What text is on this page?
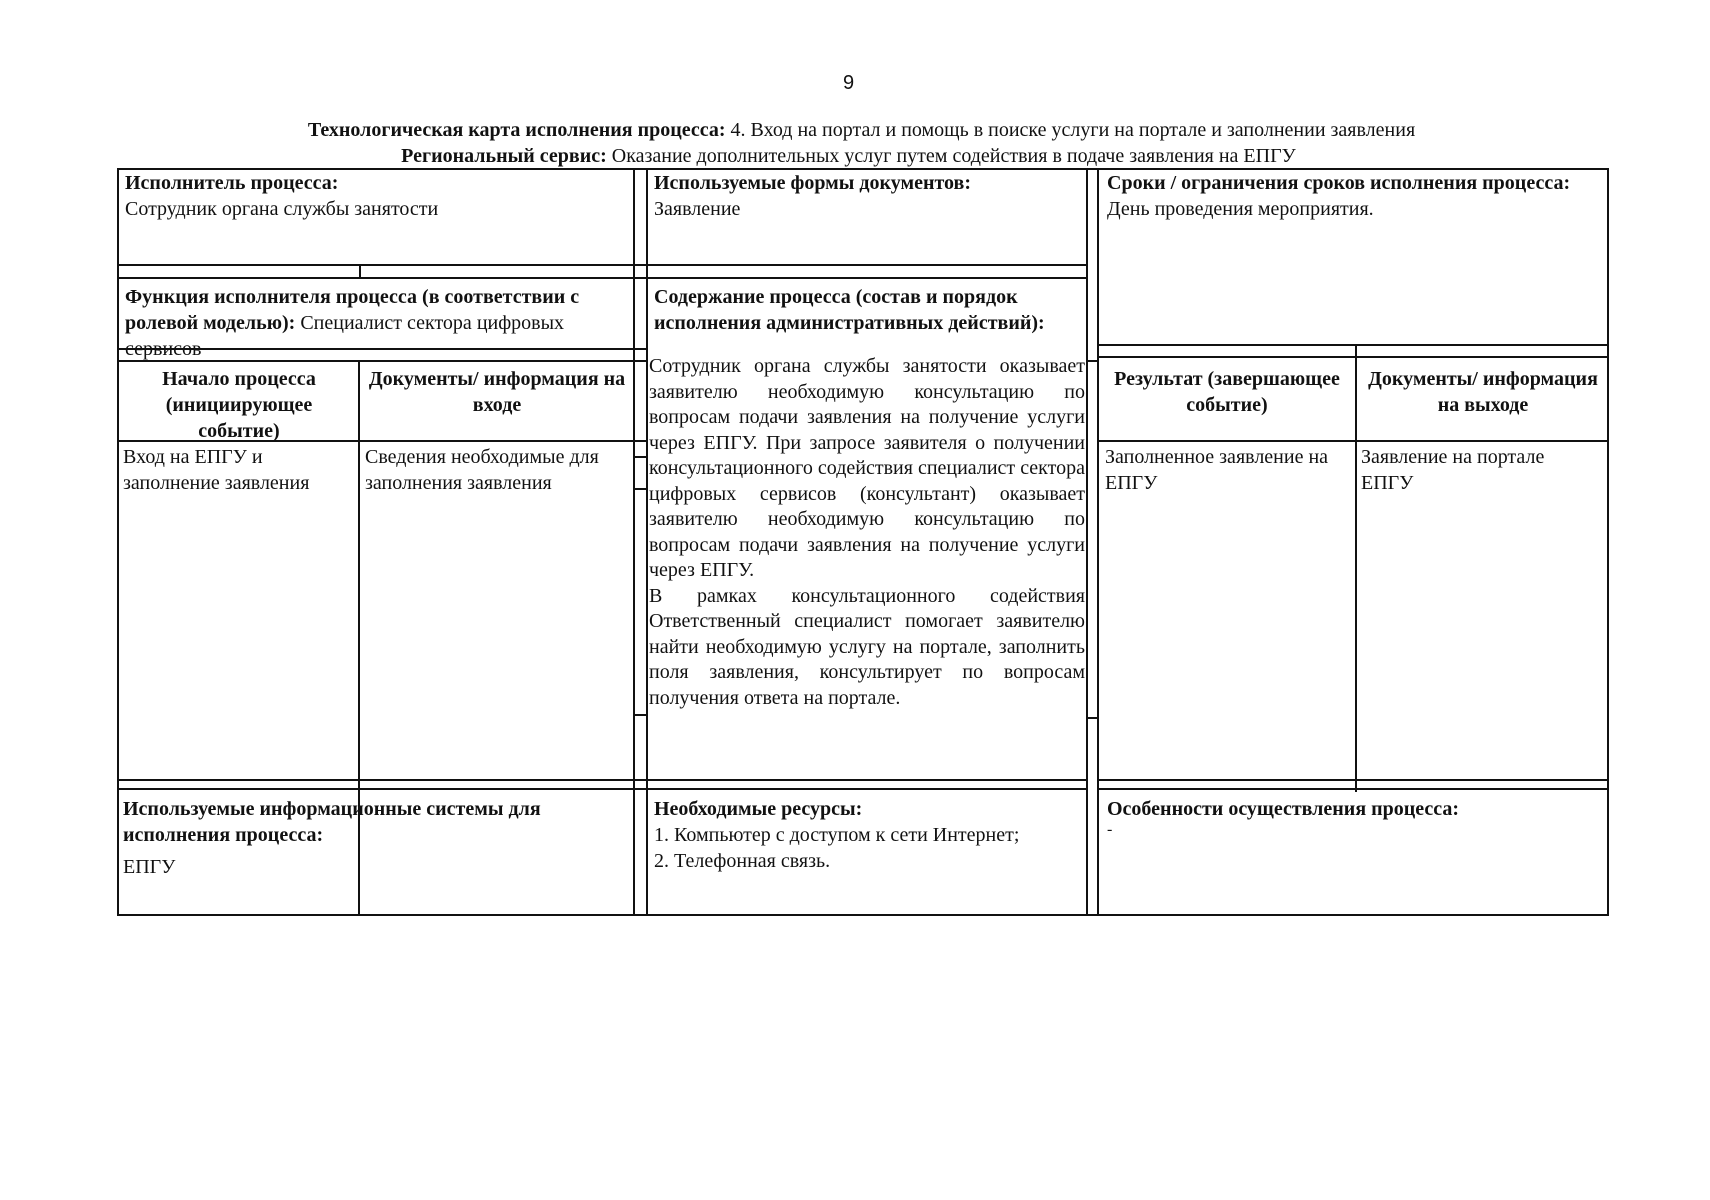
9
Технологическая карта исполнения процесса: 4. Вход на портал и помощь в поиске услуги на портале и заполнении заявления
Региональный сервис: Оказание дополнительных услуг путем содействия в подаче заявления на ЕПГУ
Исполнитель процесса:
Сотрудник органа службы занятости
Используемые формы документов:
Заявление
Сроки / ограничения сроков исполнения процесса:
День проведения мероприятия.
Функция исполнителя процесса (в соответствии с ролевой моделью): Специалист сектора цифровых сервисов
Содержание процесса (состав и порядок исполнения административных действий):
Сотрудник органа службы занятости оказывает заявителю необходимую консультацию по вопросам подачи заявления на получение услуги через ЕПГУ. При запросе заявителя о получении консультационного содействия специалист сектора цифровых сервисов (консультант) оказывает заявителю необходимую консультацию по вопросам подачи заявления на получение услуги через ЕПГУ.
В рамках консультационного содействия Ответственный специалист помогает заявителю найти необходимую услугу на портале, заполнить поля заявления, консультирует по вопросам получения ответа на портале.
Начало процесса (инициирующее событие)
Документы/ информация на входе
Результат (завершающее событие)
Документы/ информация на выходе
Вход на ЕПГУ и заполнение заявления
Сведения необходимые для заполнения заявления
Заполненное заявление на ЕПГУ
Заявление на портале ЕПГУ
Используемые информационные системы для исполнения процесса:
ЕПГУ
Необходимые ресурсы:
1. Компьютер с доступом к сети Интернет;
2. Телефонная связь.
Особенности осуществления процесса:
-
